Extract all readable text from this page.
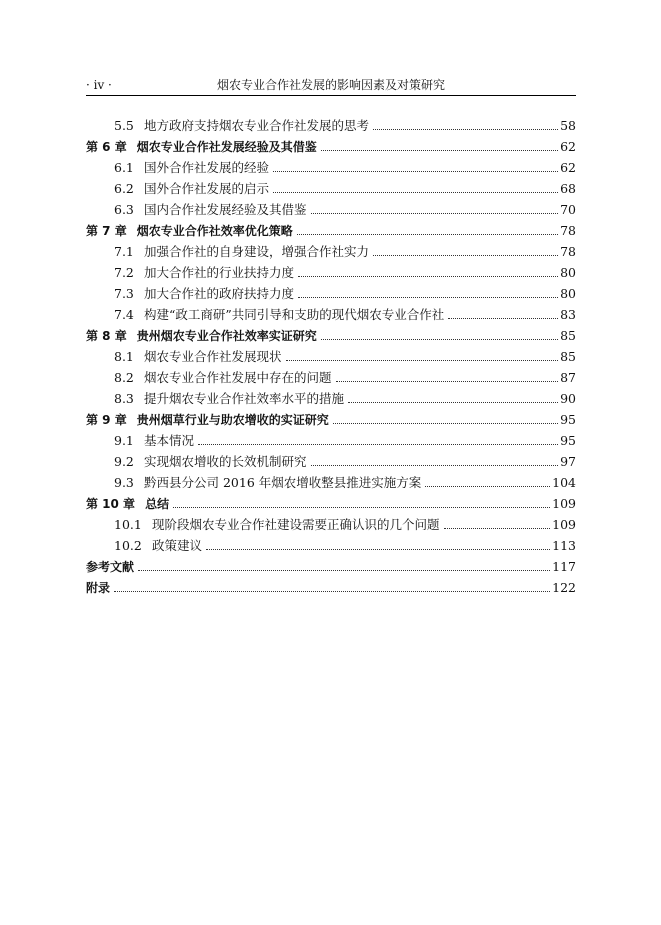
· iv ·	烟农专业合作社发展的影响因素及对策研究
5.5 地方政府支持烟农专业合作社发展的思考	58
第 6 章 烟农专业合作社发展经验及其借鉴	62
6.1 国外合作社发展的经验	62
6.2 国外合作社发展的启示	68
6.3 国内合作社发展经验及其借鉴	70
第 7 章 烟农专业合作社效率优化策略	78
7.1 加强合作社的自身建设，增强合作社实力	78
7.2 加大合作社的行业扶持力度	80
7.3 加大合作社的政府扶持力度	80
7.4 构建“政工商研”共同引导和支助的现代烟农专业合作社	83
第 8 章 贵州烟农专业合作社效率实证研究	85
8.1 烟农专业合作社发展现状	85
8.2 烟农专业合作社发展中存在的问题	87
8.3 提升烟农专业合作社效率水平的措施	90
第 9 章 贵州烟草行业与助农增收的实证研究	95
9.1 基本情况	95
9.2 实现烟农增收的长效机制研究	97
9.3 黔西县分公司 2016 年烟农增收整县推进实施方案	104
第 10 章 总结	109
10.1 现阶段烟农专业合作社建设需要正确认识的几个问题	109
10.2 政策建议	113
参考文献	117
附录	122
